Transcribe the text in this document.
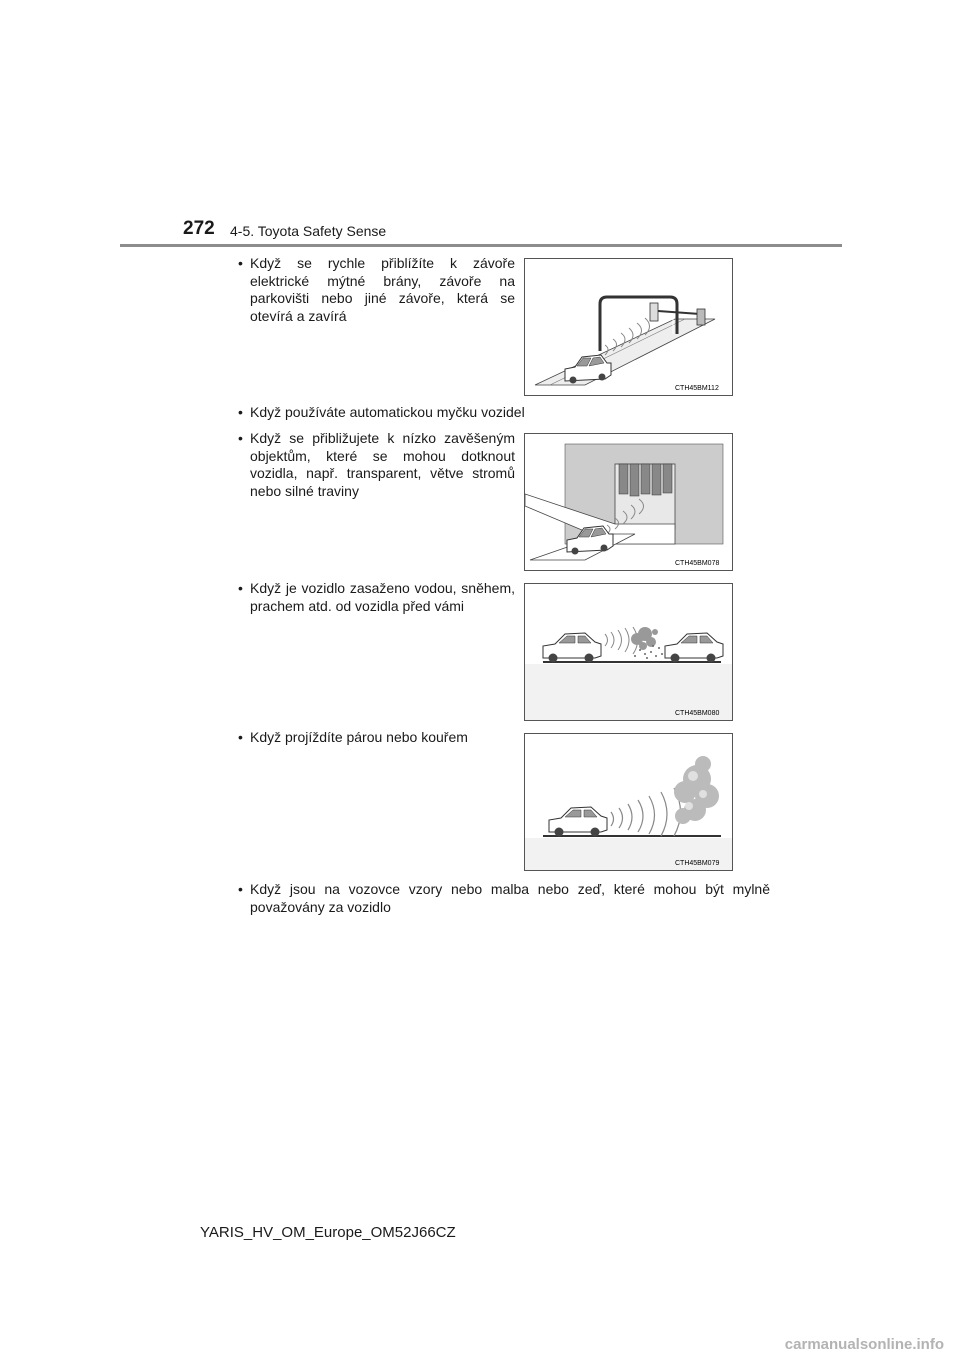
272 4-5. Toyota Safety Sense
• Když se rychle přiblížíte k závoře elektrické mýtné brány, závoře na parkovišti nebo jiné závoře, která se otevírá a zavírá
CTH45BM112
• Když používáte automatickou myčku vozidel
• Když se přibližujete k nízko zavěšeným objektům, které se mohou dotknout vozidla, např. transparent, větve stromů nebo silné traviny
CTH45BM078
• Když je vozidlo zasaženo vodou, sněhem, prachem atd. od vozidla před vámi
CTH45BM080
• Když projíždíte párou nebo kouřem
CTH45BM079
• Když jsou na vozovce vzory nebo malba nebo zeď, které mohou být mylně považovány za vozidlo
YARIS_HV_OM_Europe_OM52J66CZ
carmanualsonline.info
